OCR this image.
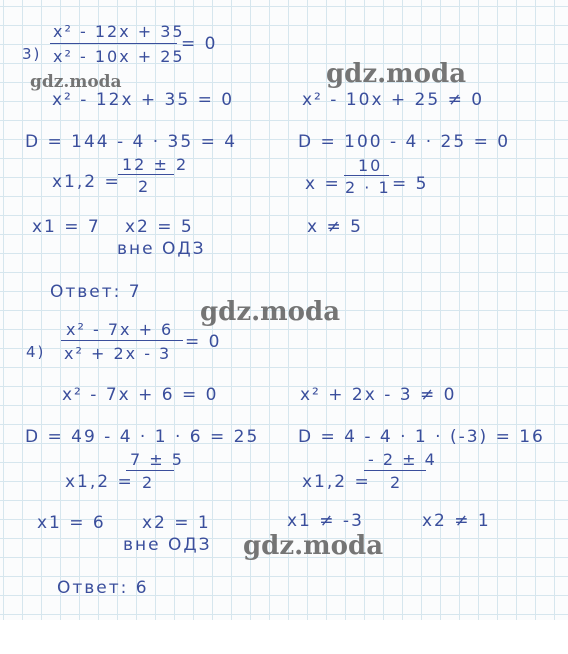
3)
x² - 12x + 35
x² - 10x + 25
= 0
x² - 12x + 35 = 0	x² - 10x + 25 ≠ 0
D = 144 - 4 · 35 = 4	D = 100 - 4 · 25 = 0
x1,2 =
12 ± 2
2	x =
10
2 · 1 = 5
x1 = 7 x2 = 5	x ≠ 5
вне ОДЗ
Ответ: 7
4)
x² - 7x + 6
x² + 2x - 3
= 0
x² - 7x + 6 = 0	x² + 2x - 3 ≠ 0
D = 49 - 4 · 1 · 6 = 25 D = 4 - 4 · 1 · (-3) = 16
x1,2 =
7 ± 5
2	x1,2 =
- 2 ± 4
2
x1 = 6 x2 = 1	x1 ≠ -3	x2 ≠ 1
вне ОДЗ
Ответ: 6
gdz.moda	gdz.moda
gdz.moda
gdz.moda
